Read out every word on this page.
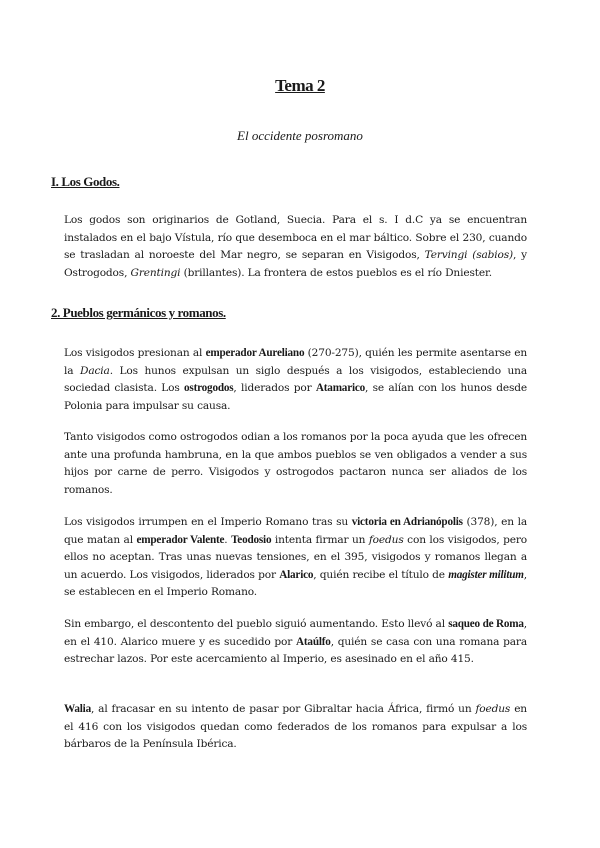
Tema 2
El occidente posromano
I. Los Godos.

Los godos son originarios de Gotland, Suecia. Para el s. I d.C ya se encuentran instalados en el bajo Vístula, río que desemboca en el mar báltico. Sobre el 230, cuando se trasladan al noroeste del Mar negro, se separan en Visigodos, Tervingi (sabios), y Ostrogodos, Grentingi (brillantes). La frontera de estos pueblos es el río Dniester.

2. Pueblos germánicos y romanos.

Los visigodos presionan al emperador Aureliano (270-275), quién les permite asentarse en la Dacia. Los hunos expulsan un siglo después a los visigodos, estableciendo una sociedad clasista. Los ostrogodos, liderados por Atamarico, se alían con los hunos desde Polonia para impulsar su causa.

Tanto visigodos como ostrogodos odian a los romanos por la poca ayuda que les ofrecen ante una profunda hambruna, en la que ambos pueblos se ven obligados a vender a sus hijos por carne de perro. Visigodos y ostrogodos pactaron nunca ser aliados de los romanos.

Los visigodos irrumpen en el Imperio Romano tras su victoria en Adrianópolis (378), en la que matan al emperador Valente. Teodosio intenta firmar un foedus con los visigodos, pero ellos no aceptan. Tras unas nuevas tensiones, en el 395, visigodos y romanos llegan a un acuerdo. Los visigodos, liderados por Alarico, quién recibe el título de magister militum, se establecen en el Imperio Romano.

Sin embargo, el descontento del pueblo siguió aumentando. Esto llevó al saqueo de Roma, en el 410. Alarico muere y es sucedido por Ataúlfo, quién se casa con una romana para estrechar lazos. Por este acercamiento al Imperio, es asesinado en el año 415.

Walia, al fracasar en su intento de pasar por Gibraltar hacia África, firmó un foedus en el 416 con los visigodos quedan como federados de los romanos para expulsar a los bárbaros de la Península Ibérica.
